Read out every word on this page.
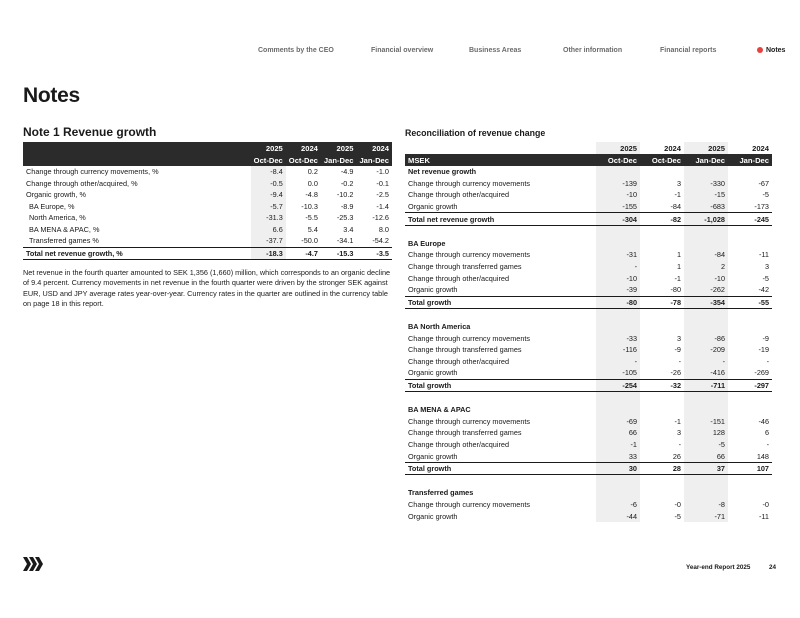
Comments by the CEO	Financial overview	Business Areas	Other information	Financial reports	Notes
Notes
Note 1 Revenue growth
	2025	2024	2025	2024
	Oct-Dec	Oct-Dec	Jan-Dec	Jan-Dec
Change through currency movements, %	-8.4	0.2	-4.9	-1.0
Change through other/acquired, %	-0.5	0.0	-0.2	-0.1
Organic growth, %	-9.4	-4.8	-10.2	-2.5
BA Europe, %	-5.7	-10.3	-8.9	-1.4
North America, %	-31.3	-5.5	-25.3	-12.6
BA MENA & APAC, %	6.6	5.4	3.4	8.0
Transferred games %	-37.7	-50.0	-34.1	-54.2
Total net revenue growth, %	-18.3	-4.7	-15.3	-3.5
Net revenue in the fourth quarter amounted to SEK 1,356 (1,660) million, which corresponds to an organic decline of 9.4 percent. Currency movements in net revenue in the fourth quarter were driven by the stronger SEK against EUR, USD and JPY average rates year-over-year. Currency rates in the quarter are outlined in the currency table on page 18 in this report.
Reconciliation of revenue change
	2025	2024	2025	2024
MSEK	Oct-Dec	Oct-Dec	Jan-Dec	Jan-Dec
Net revenue growth				
Change through currency movements	-139	3	-330	-67
Change through other/acquired	-10	-1	-15	-5
Organic growth	-155	-84	-683	-173
Total net revenue growth	-304	-82	-1,028	-245

BA Europe				
Change through currency movements	-31	1	-84	-11
Change through transferred games	-	1	2	3
Change through other/acquired	-10	-1	-10	-5
Organic growth	-39	-80	-262	-42
Total growth	-80	-78	-354	-55

BA North America				
Change through currency movements	-33	3	-86	-9
Change through transferred games	-116	-9	-209	-19
Change through other/acquired	-	-	-	-
Organic growth	-105	-26	-416	-269
Total growth	-254	-32	-711	-297

BA MENA & APAC				
Change through currency movements	-69	-1	-151	-46
Change through transferred games	66	3	128	6
Change through other/acquired	-1	-	-5	-
Organic growth	33	26	66	148
Total growth	30	28	37	107

Transferred games				
Change through currency movements	-6	-0	-8	-0
Organic growth	-44	-5	-71	-11
Year-end Report 2025	24
